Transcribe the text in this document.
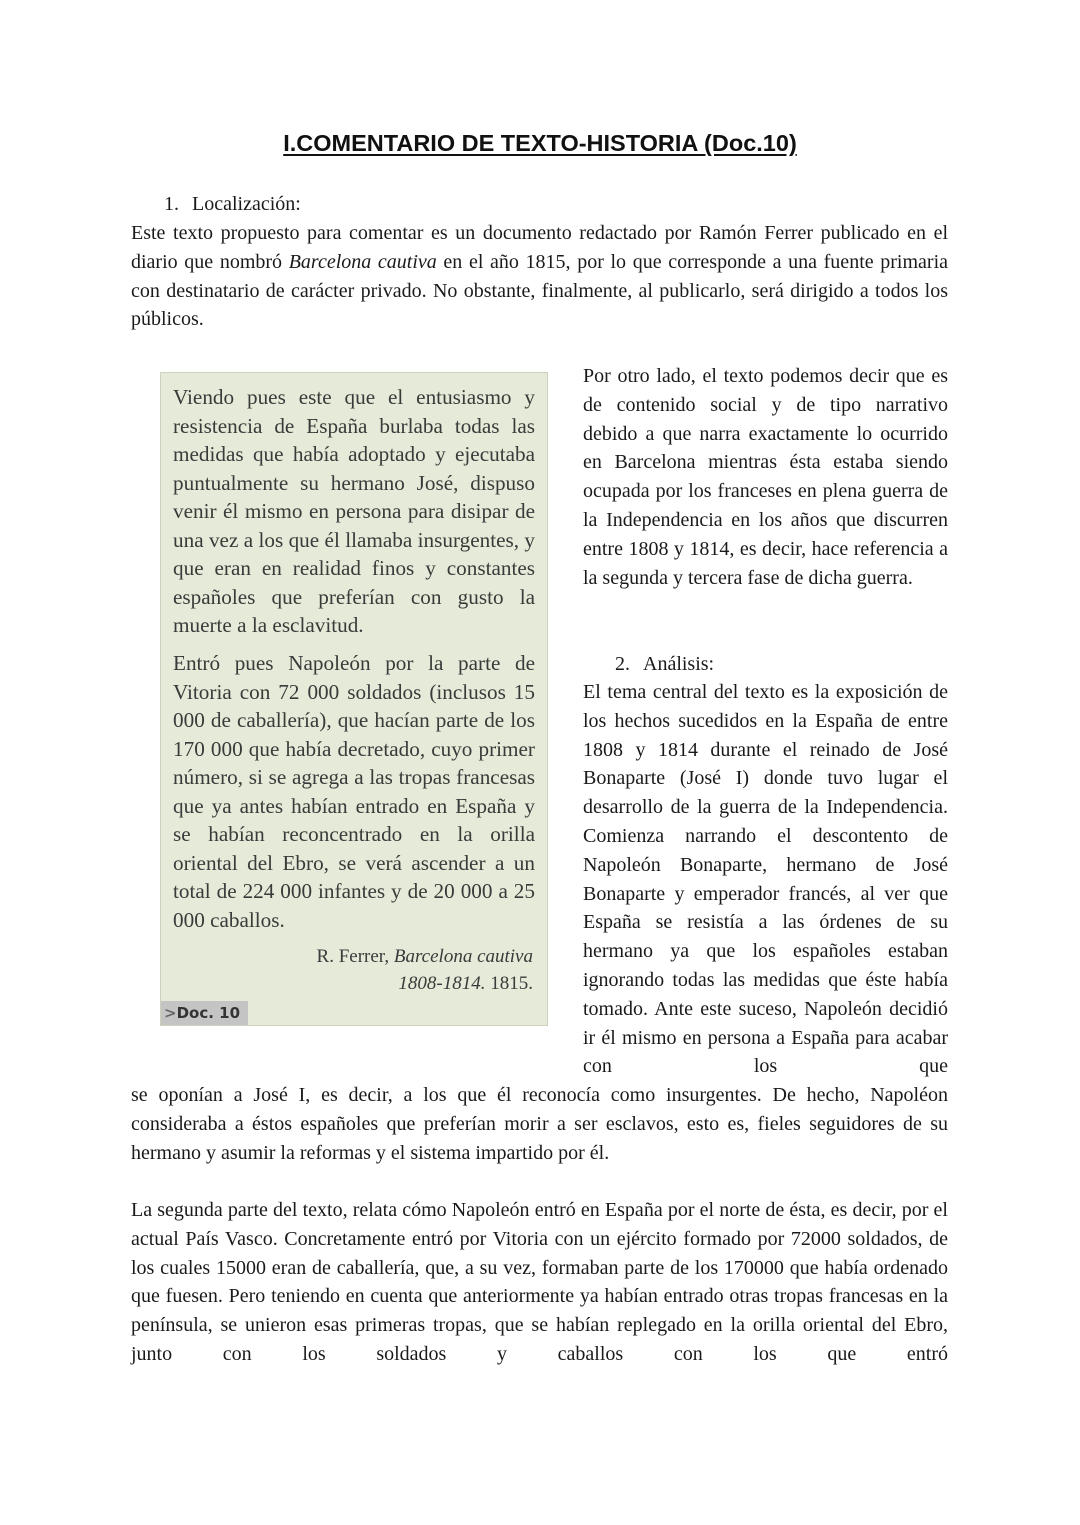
I.COMENTARIO DE TEXTO-HISTORIA (Doc.10)
1. Localización:

Este texto propuesto para comentar es un documento redactado por Ramón Ferrer publicado en el diario que nombró Barcelona cautiva en el año 1815, por lo que corresponde a una fuente primaria con destinatario de carácter privado. No obstante, finalmente, al publicarlo, será dirigido a todos los públicos.

Viendo pues este que el entusiasmo y resistencia de España burlaba todas las medidas que había adoptado y ejecutaba puntualmente su hermano José, dispuso venir él mismo en persona para disipar de una vez a los que él llamaba insurgentes, y que eran en realidad finos y constantes españoles que preferían con gusto la muerte a la esclavitud.

Entró pues Napoleón por la parte de Vitoria con 72 000 soldados (inclusos 15 000 de caballería), que hacían parte de los 170 000 que había decretado, cuyo primer número, si se agrega a las tropas francesas que ya antes habían entrado en España y se habían reconcentrado en la orilla oriental del Ebro, se verá ascender a un total de 224 000 infantes y de 20 000 a 25 000 caballos.

R. Ferrer, Barcelona cautiva
1808-1814. 1815.
>Doc. 10

Por otro lado, el texto podemos decir que es de contenido social y de tipo narrativo debido a que narra exactamente lo ocurrido en Barcelona mientras ésta estaba siendo ocupada por los franceses en plena guerra de la Independencia en los años que discurren entre 1808 y 1814, es decir, hace referencia a la segunda y tercera fase de dicha guerra.

2. Análisis:

El tema central del texto es la exposición de los hechos sucedidos en la España de entre 1808 y 1814 durante el reinado de José Bonaparte (José I) donde tuvo lugar el desarrollo de la guerra de la Independencia. Comienza narrando el descontento de Napoleón Bonaparte, hermano de José Bonaparte y emperador francés, al ver que España se resistía a las órdenes de su hermano ya que los españoles estaban ignorando todas las medidas que éste había tomado. Ante este suceso, Napoleón decidió ir él mismo en persona a España para acabar con los que

se oponían a José I, es decir, a los que él reconocía como insurgentes. De hecho, Napoléon consideraba a éstos españoles que preferían morir a ser esclavos, esto es, fieles seguidores de su hermano y asumir la reformas y el sistema impartido por él.

La segunda parte del texto, relata cómo Napoleón entró en España por el norte de ésta, es decir, por el actual País Vasco. Concretamente entró por Vitoria con un ejército formado por 72000 soldados, de los cuales 15000 eran de caballería, que, a su vez, formaban parte de los 170000 que había ordenado que fuesen. Pero teniendo en cuenta que anteriormente ya habían entrado otras tropas francesas en la península, se unieron esas primeras tropas, que se habían replegado en la orilla oriental del Ebro, junto con los soldados y caballos con los que entró
